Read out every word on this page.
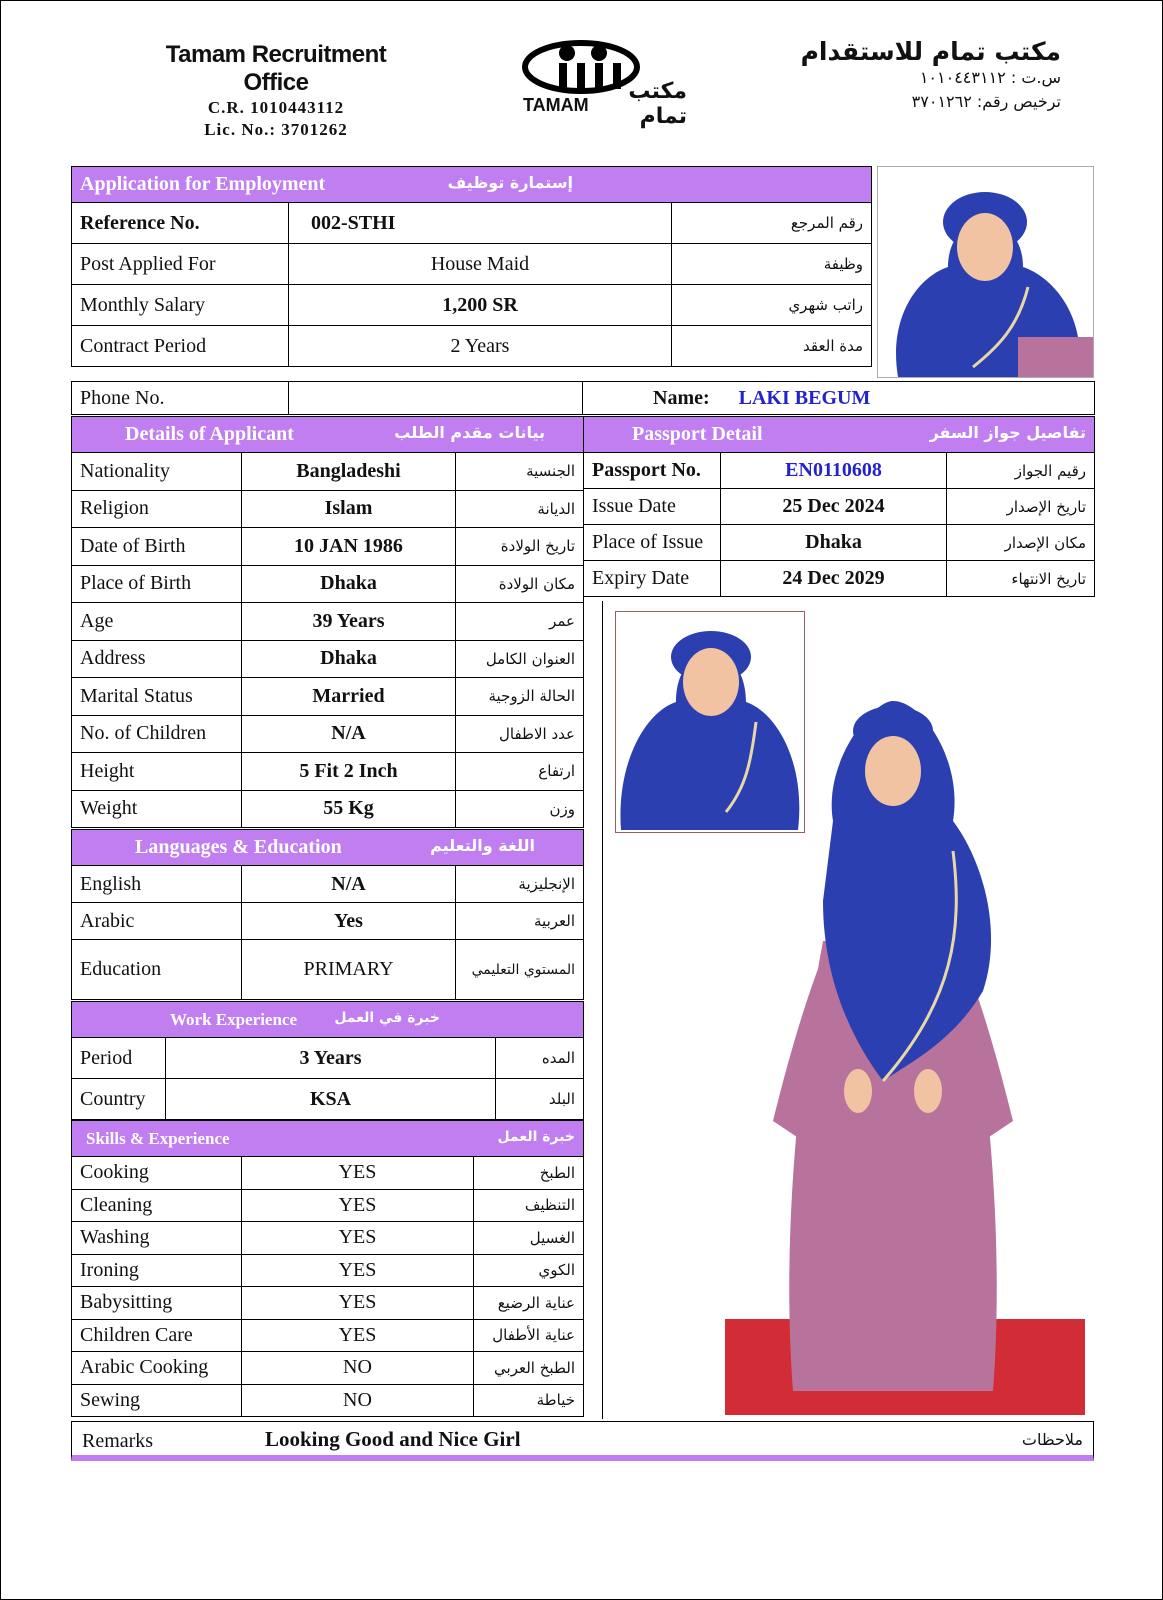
Tamam Recruitment Office
C.R. 1010443112
Lic. No.: 3701262
TAMAM
مكتب تمام
مكتب تمام للاستقدام
س.ت : ١٠١٠٤٤٣١١٢
ترخيص رقم: ٣٧٠١٢٦٢
Application for Employment إستمارة توظيف		

Reference No.	002-STHI	رقم المرجع
Post Applied For	House Maid	وظيفة
Monthly Salary	1,200 SR	راتب شهري
Contract Period	2 Years	مدة العقد
Phone No.		Name: LAKI BEGUM
Details of Applicant	بيانات مقدم الطلب
Nationality	Bangladeshi	الجنسية
Religion	Islam	الديانة
Date of Birth	10 JAN 1986	تاريخ الولادة
Place of Birth	Dhaka	مكان الولادة
Age	39 Years	عمر
Address	Dhaka	العنوان الكامل
Marital Status	Married	الحالة الزوجية
No. of Children	N/A	عدد الاطفال
Height	5 Fit 2 Inch	ارتفاع
Weight	55 Kg	وزن
Passport Detail	تفاصيل جواز السفر
Passport No.	EN0110608	رقيم الجواز
Issue Date	25 Dec 2024	تاريخ الإصدار
Place of Issue	Dhaka	مكان الإصدار
Expiry Date	24 Dec 2029	تاريخ الانتهاء
Languages & Education اللغة والتعليم		

English	N/A	الإنجليزية
Arabic	Yes	العربية
Education	PRIMARY	المستوي التعليمي
Work Experience خبرة في العمل		

Period	3 Years	المده
Country	KSA	البلد
Skills & Experience	خبرة العمل
Cooking	YES	الطبخ
Cleaning	YES	التنظيف
Washing	YES	الغسيل
Ironing	YES	الكوي
Babysitting	YES	عناية الرضيع
Children Care	YES	عناية الأطفال
Arabic Cooking	NO	الطبخ العربي
Sewing	NO	خياطة
Remarks	Looking Good and Nice Girl	ملاحظات
